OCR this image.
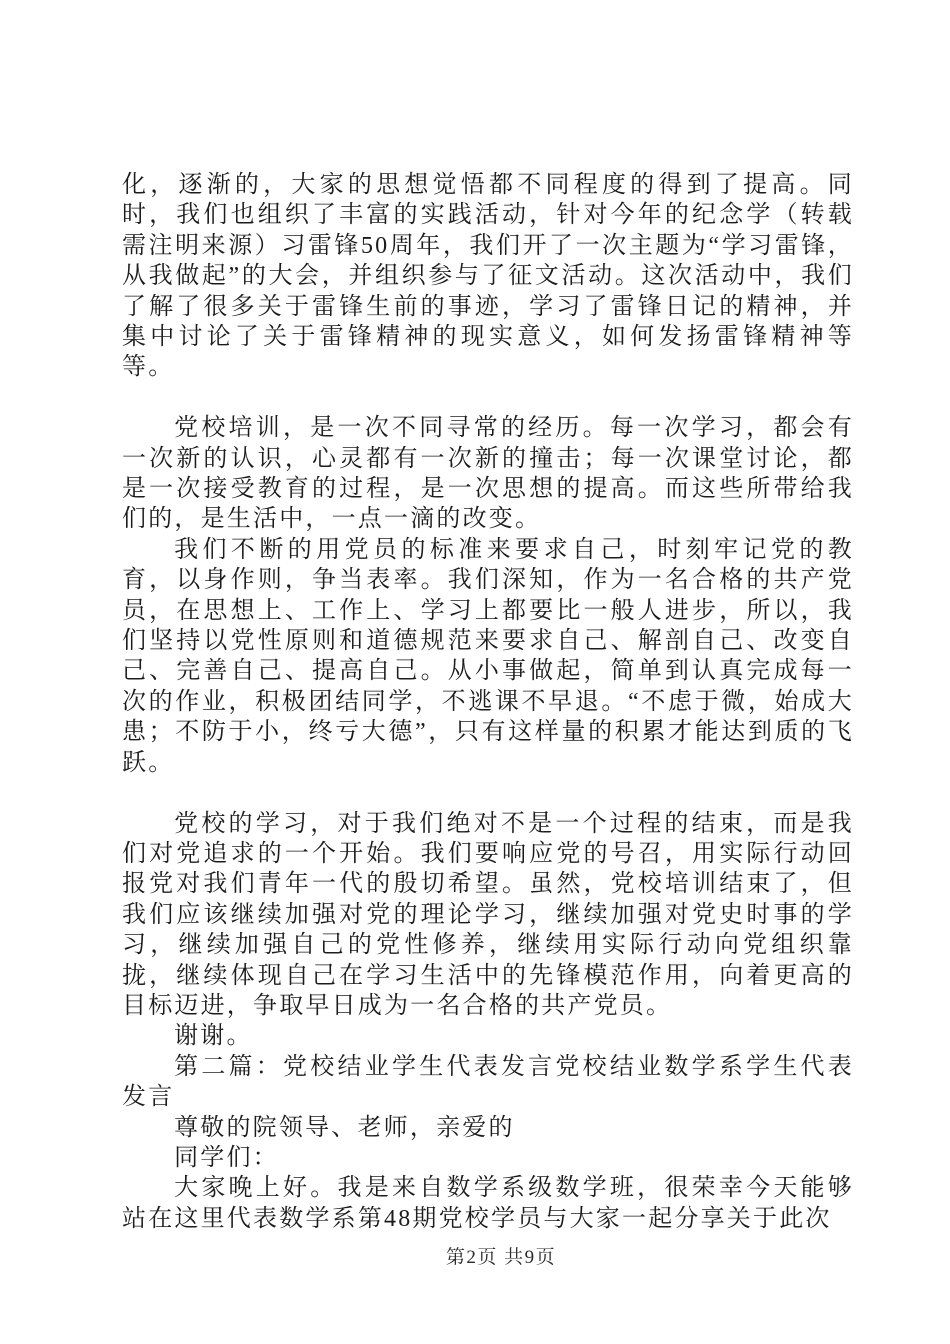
化，逐渐的，大家的思想觉悟都不同程度的得到了提高。同时，我们也组织了丰富的实践活动，针对今年的纪念学（转载需注明来源）习雷锋50周年，我们开了一次主题为“学习雷锋，从我做起”的大会，并组织参与了征文活动。这次活动中，我们了解了很多关于雷锋生前的事迹，学习了雷锋日记的精神，并集中讨论了关于雷锋精神的现实意义，如何发扬雷锋精神等等。

党校培训，是一次不同寻常的经历。每一次学习，都会有一次新的认识，心灵都有一次新的撞击；每一次课堂讨论，都是一次接受教育的过程，是一次思想的提高。而这些所带给我们的，是生活中，一点一滴的改变。

我们不断的用党员的标准来要求自己，时刻牢记党的教育，以身作则，争当表率。我们深知，作为一名合格的共产党员，在思想上、工作上、学习上都要比一般人进步，所以，我们坚持以党性原则和道德规范来要求自己、解剖自己、改变自己、完善自己、提高自己。从小事做起，简单到认真完成每一次的作业，积极团结同学，不逃课不早退。“不虑于微，始成大患；不防于小，终亏大德”，只有这样量的积累才能达到质的飞跃。

党校的学习，对于我们绝对不是一个过程的结束，而是我们对党追求的一个开始。我们要响应党的号召，用实际行动回报党对我们青年一代的殷切希望。虽然，党校培训结束了，但我们应该继续加强对党的理论学习，继续加强对党史时事的学习，继续加强自己的党性修养，继续用实际行动向党组织靠拢，继续体现自己在学习生活中的先锋模范作用，向着更高的目标迈进，争取早日成为一名合格的共产党员。

谢谢。

第二篇：党校结业学生代表发言党校结业数学系学生代表发言

尊敬的院领导、老师，亲爱的

同学们：

大家晚上好。我是来自数学系级数学班，很荣幸今天能够站在这里代表数学系第48期党校学员与大家一起分享关于此次

第2页 共9页
